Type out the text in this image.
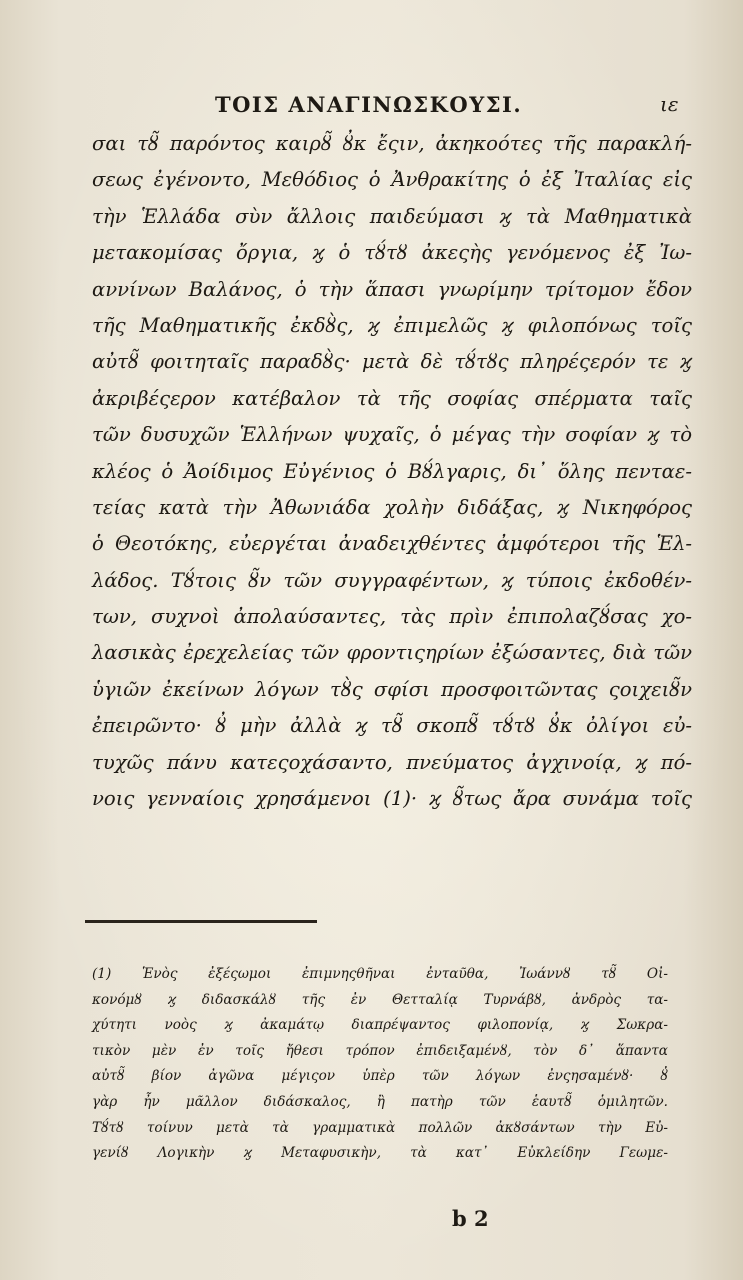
ΤΟΙΣ ΑΝΑΓΙΝΩΣΚΟΥΣΙ.	ιε
σαι τȣ̃ παρόντος καιρȣ̃ ȣ̓κ ἔςιν, ἀκηκοότες τῆς παρακλή-
σεως ἐγένοντο, Μεθόδιος ὁ Ἀνθρακίτης ὁ ἐξ Ἰταλίας εἰς
τὴν Ἑλλάδα σὺν ἄλλοις παιδεύμασι ϗ τὰ Μαθηματικὰ
μετακομίσας ὄργια, ϗ ὁ τȣ́τȣ ἀκεςὴς γενόμενος ἐξ Ἰω-
αννίνων Βαλάνος, ὁ τὴν ἅπασι γνωρίμην τρίτομον ἔδον
τῆς Μαθηματικῆς ἐκδȣ̀ς, ϗ ἐπιμελῶς ϗ φιλοπόνως τοῖς
αὐτȣ̃ φοιτηταῖς παραδȣ̀ς· μετὰ δὲ τȣ́τȣς πληρέςερόν τε ϗ
ἀκριβέςερον κατέβαλον τὰ τῆς σοφίας σπέρματα ταῖς
τῶν δυσυχῶν Ἑλλήνων ψυχαῖς, ὁ μέγας τὴν σοφίαν ϗ τὸ
κλέος ὁ Ἀοίδιμος Εὐγένιος ὁ Βȣ́λγαρις, δι᾽ ὅλης πενταε-
τείας κατὰ τὴν Ἀθωνιάδα χολὴν διδάξας, ϗ Νικηφόρος
ὁ Θεοτόκης, εὐεργέται ἀναδειχθέντες ἀμφότεροι τῆς Ἑλ-
λάδος. Τȣ́τοις ȣ̃ν τῶν συγγραφέντων, ϗ τύποις ἐκδοθέν-
των, συχνοὶ ἀπολαύσαντες, τὰς πρὶν ἐπιπολαζȣ́σας χο-
λασικὰς ἐρεχελείας τῶν φροντιςηρίων ἐξώσαντες, διὰ τῶν
ὑγιῶν ἐκείνων λόγων τȣ̀ς σφίσι προσφοιτῶντας ςοιχειȣ̃ν
ἐπειρῶντο· ȣ̓ μὴν ἀλλὰ ϗ τȣ̃ σκοπȣ̃ τȣ́τȣ ȣ̓κ ὀλίγοι εὐ-
τυχῶς πάνυ κατεςοχάσαντο, πνεύματος ἀγχινοίᾳ, ϗ πό-
νοις γενναίοις χρησάμενοι (1)· ϗ ȣ̃τως ἄρα συνάμα τοῖς
(1) Ἑνὸς ἐξέςωμοι ἐπιμνηςθῆναι ἐνταῦθα, Ἰωάννȣ τȣ̃ Οἰ-
κονόμȣ ϗ διδασκάλȣ τῆς ἐν Θετταλίᾳ Τυρνάβȣ, ἀνδρὸς τα-
χύτητι νοὸς ϗ ἀκαμάτῳ διαπρέψαντος φιλοπονίᾳ, ϗ Σωκρα-
τικὸν μὲν ἐν τοῖς ἤθεσι τρόπον ἐπιδειξαμένȣ, τὸν δ᾽ ἅπαντα
αὐτȣ̃ βίον ἀγῶνα μέγιςον ὑπὲρ τῶν λόγων ἐνςησαμένȣ· ȣ̓
γὰρ ἦν μᾶλλον διδάσκαλος, ἢ πατὴρ τῶν ἑαυτȣ̃ ὁμιλητῶν.
Τȣ́τȣ τοίνυν μετὰ τὰ γραμματικὰ πολλῶν ἀκȣσάντων τὴν Εὐ-
γενίȣ Λογικὴν ϗ Μεταφυσικὴν, τὰ κατ᾽ Εὐκλείδην Γεωμε-
b 2
